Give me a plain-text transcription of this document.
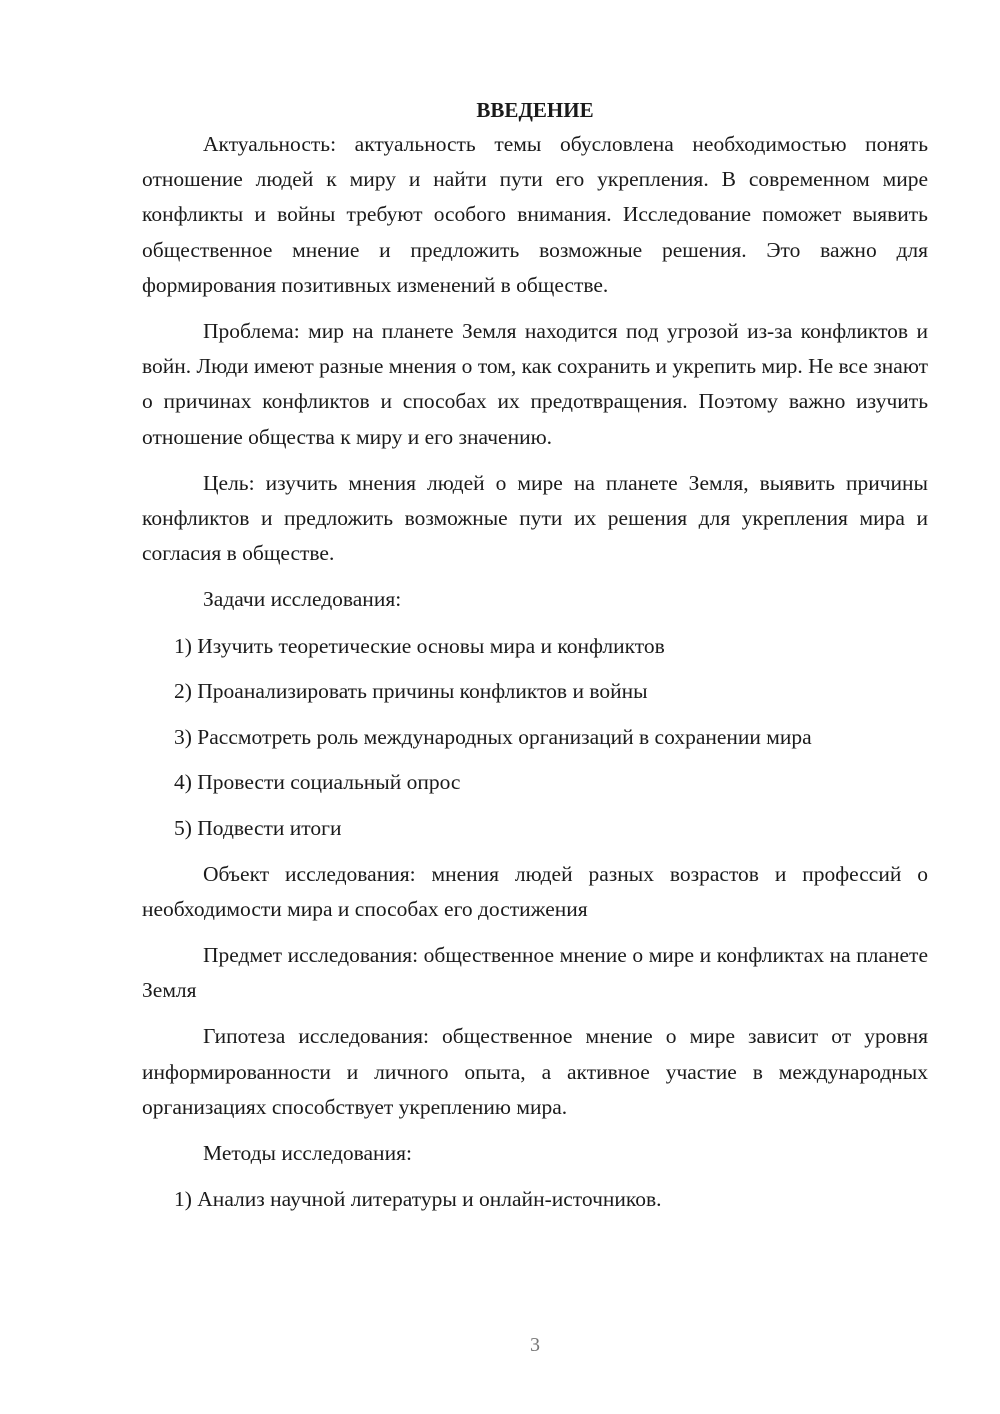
ВВЕДЕНИЕ

Актуальность: актуальность темы обусловлена необходимостью понять отношение людей к миру и найти пути его укрепления. В современном мире конфликты и войны требуют особого внимания. Исследование поможет выявить общественное мнение и предложить возможные решения. Это важно для формирования позитивных изменений в обществе.

Проблема: мир на планете Земля находится под угрозой из-за конфликтов и войн. Люди имеют разные мнения о том, как сохранить и укрепить мир. Не все знают о причинах конфликтов и способах их предотвращения. Поэтому важно изучить отношение общества к миру и его значению.

Цель: изучить мнения людей о мире на планете Земля, выявить причины конфликтов и предложить возможные пути их решения для укрепления мира и согласия в обществе.

Задачи исследования:
1) Изучить теоретические основы мира и конфликтов
2) Проанализировать причины конфликтов и войны
3) Рассмотреть роль международных организаций в сохранении мира
4) Провести социальный опрос
5) Подвести итоги

Объект исследования: мнения людей разных возрастов и профессий о необходимости мира и способах его достижения

Предмет исследования: общественное мнение о мире и конфликтах на планете Земля

Гипотеза исследования: общественное мнение о мире зависит от уровня информированности и личного опыта, а активное участие в международных организациях способствует укреплению мира.

Методы исследования:
1) Анализ научной литературы и онлайн-источников.
3
